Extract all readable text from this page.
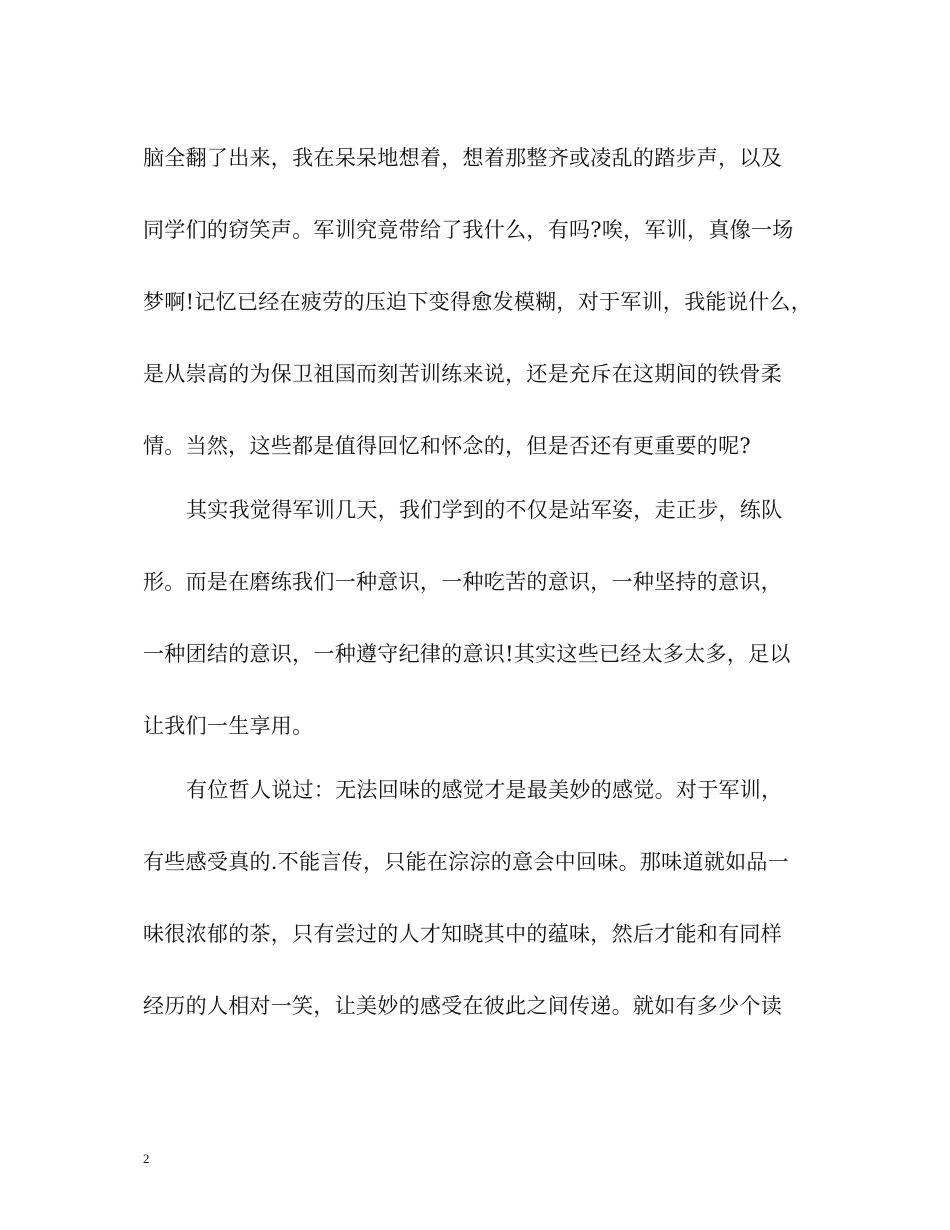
脑全翻了出来，我在呆呆地想着，想着那整齐或凌乱的踏步声，以及
同学们的窃笑声。军训究竟带给了我什么，有吗?唉，军训，真像一场
梦啊!记忆已经在疲劳的压迫下变得愈发模糊，对于军训，我能说什么，
是从崇高的为保卫祖国而刻苦训练来说，还是充斥在这期间的铁骨柔
情。当然，这些都是值得回忆和怀念的，但是否还有更重要的呢?
其实我觉得军训几天，我们学到的不仅是站军姿，走正步，练队
形。而是在磨练我们一种意识，一种吃苦的意识，一种坚持的意识，
一种团结的意识，一种遵守纪律的意识!其实这些已经太多太多，足以
让我们一生享用。
有位哲人说过：无法回味的感觉才是最美妙的感觉。对于军训，
有些感受真的.不能言传，只能在淙淙的意会中回味。那味道就如品一
味很浓郁的茶，只有尝过的人才知晓其中的蕴味，然后才能和有同样
经历的人相对一笑，让美妙的感受在彼此之间传递。就如有多少个读
2
